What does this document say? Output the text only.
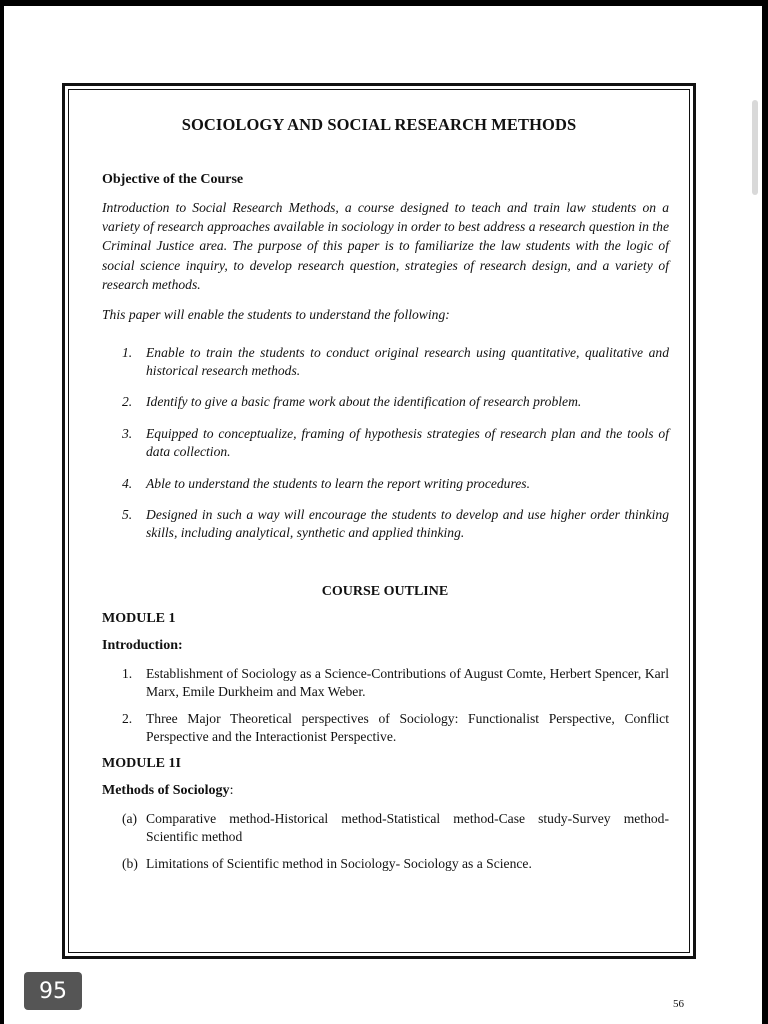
SOCIOLOGY AND SOCIAL RESEARCH METHODS
Objective of the Course
Introduction to Social Research Methods, a course designed to teach and train law students on a variety of research approaches available in sociology in order to best address a research question in the Criminal Justice area. The purpose of this paper is to familiarize the law students with the logic of social science inquiry, to develop research question, strategies of research design, and a variety of research methods.
This paper will enable the students to understand the following:
1. Enable to train the students to conduct original research using quantitative, qualitative and historical research methods.
2. Identify to give a basic frame work about the identification of research problem.
3. Equipped to conceptualize, framing of hypothesis strategies of research plan and the tools of data collection.
4. Able to understand the students to learn the report writing procedures.
5. Designed in such a way will encourage the students to develop and use higher order thinking skills, including analytical, synthetic and applied thinking.
COURSE OUTLINE
MODULE 1
Introduction:
1. Establishment of Sociology as a Science-Contributions of August Comte, Herbert Spencer, Karl Marx, Emile Durkheim and Max Weber.
2. Three Major Theoretical perspectives of Sociology: Functionalist Perspective, Conflict Perspective and the Interactionist Perspective.
MODULE 1I
Methods of Sociology:
(a) Comparative method-Historical method-Statistical method-Case study-Survey method-Scientific method
(b) Limitations of Scientific method in Sociology- Sociology as a Science.
95
56
